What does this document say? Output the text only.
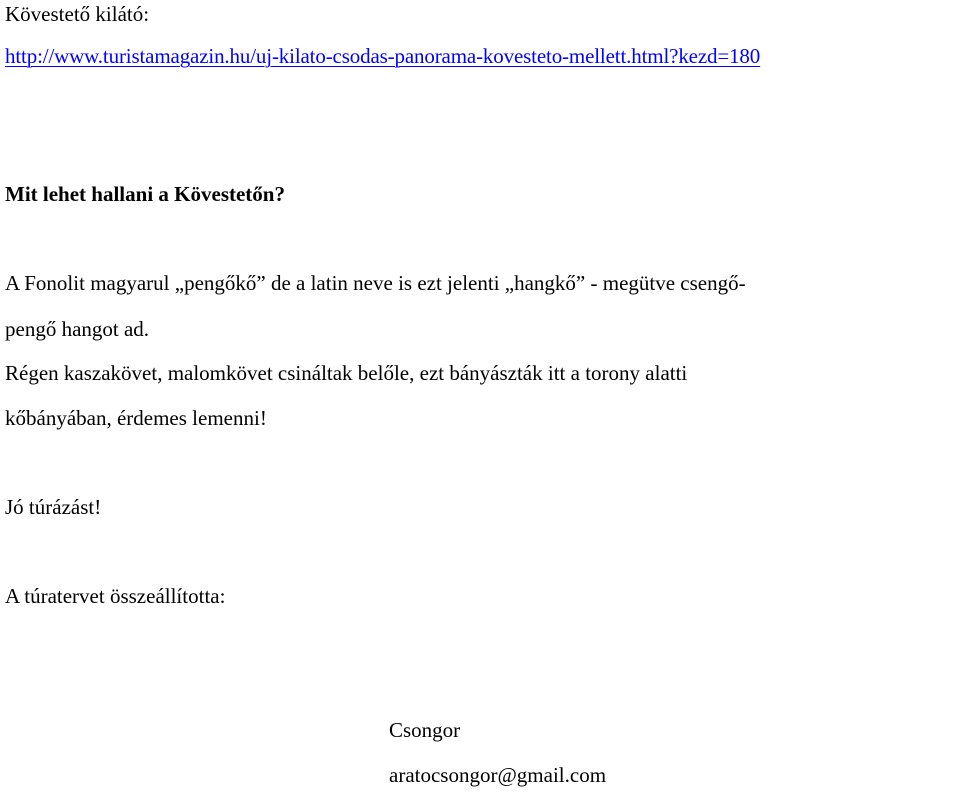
Kövestető kilátó:
http://www.turistamagazin.hu/uj-kilato-csodas-panorama-kovesteto-mellett.html?kezd=180
Mit lehet hallani a Kövestetőn?
A Fonolit magyarul „pengőkő” de a latin neve is ezt jelenti „hangkő” - megütve csengő-
pengő hangot ad.
Régen kaszakövet, malomkövet csináltak belőle, ezt bányászták itt a torony alatti
kőbányában, érdemes lemenni!
Jó túrázást!
A túratervet összeállította:
Csongor
aratocsongor@gmail.com
